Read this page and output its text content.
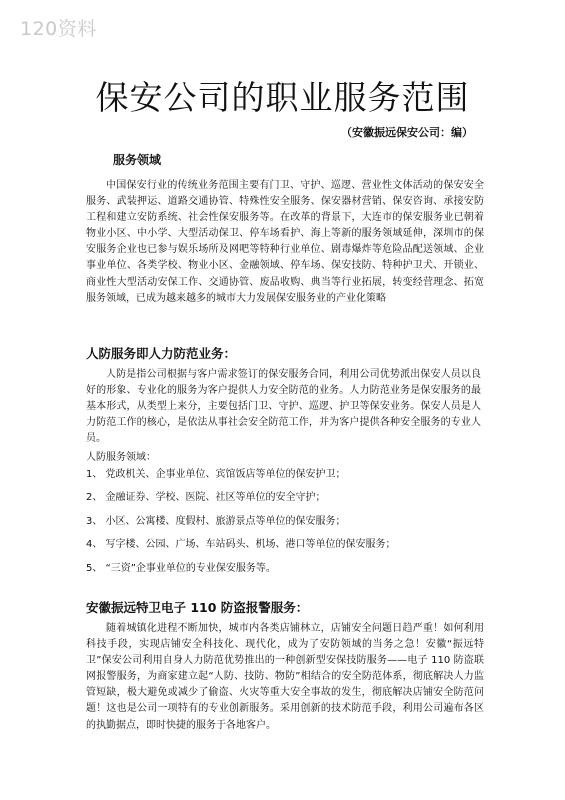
120资料
保安公司的职业服务范围
（安徽振远保安公司：编）
服务领域
中国保安行业的传统业务范围主要有门卫、守护、巡逻、营业性文体活动的保安安全服务、武装押运、道路交通协管、特殊性安全服务、保安器材营销、保安咨询、承接安防工程和建立安防系统、社会性保安服务等。在改革的背景下，大连市的保安服务业已朝着物业小区、中小学、大型活动保卫、停车场看护、海上等新的服务领域延伸，深圳市的保安服务企业也已参与娱乐场所及网吧等特种行业单位、剧毒爆炸等危险品配送领域、企业事业单位、各类学校、物业小区、金融领域、停车场、保安技防、特种护卫犬、开锁业、商业性大型活动安保工作、交通协管、废品收购、典当等行业拓展，转变经营理念、拓宽服务领域，已成为越来越多的城市大力发展保安服务业的产业化策略
人防服务即人力防范业务：
人防是指公司根据与客户需求签订的保安服务合同，利用公司优势派出保安人员以良好的形象、专业化的服务为客户提供人力安全防范的业务。人力防范业务是保安服务的最基本形式，从类型上来分，主要包括门卫、守护、巡逻、护卫等保安业务。保安人员是人力防范工作的核心，是依法从事社会安全防范工作，并为客户提供各种安全服务的专业人员。
人防服务领域：
1、 党政机关、企事业单位、宾馆饭店等单位的保安护卫；
2、 金融证券、学校、医院、社区等单位的安全守护；
3、 小区、公寓楼、度假村、旅游景点等单位的保安服务；
4、 写字楼、公园、广场、车站码头、机场、港口等单位的保安服务；
5、 “三资”企事业单位的专业保安服务等。
安徽振远特卫电子 110 防盗报警服务：
随着城镇化进程不断加快，城市内各类店铺林立，店铺安全问题日趋严重！如何利用科技手段，实现店铺安全科技化、现代化，成为了安防领域的当务之急！安徽“振远特卫”保安公司利用自身人力防范优势推出的一种创新型安保技防服务——电子 110 防盗联网报警服务，为商家建立起“人防、技防、物防”相结合的安全防范体系，彻底解决人力监管短缺，极大避免或减少了偷盗、火灾等重大安全事故的发生，彻底解决店铺安全防范问题！这也是公司一项特有的专业创新服务。采用创新的技术防范手段，利用公司遍布各区的执勤据点，即时快捷的服务于各地客户。
